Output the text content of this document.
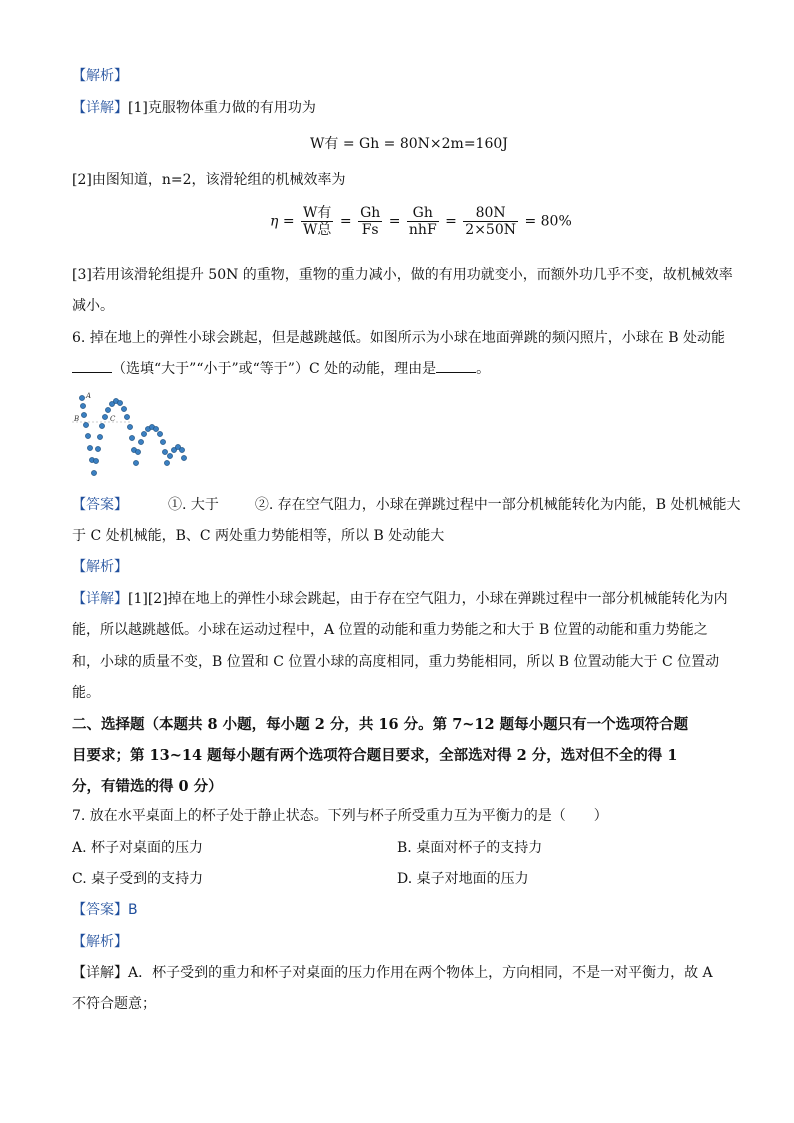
【解析】
【详解】[1]克服物体重力做的有用功为
W有 = Gh = 80N×2m=160J
[2]由图知道，n=2，该滑轮组的机械效率为
$\eta = \frac{\text{W有}}{\text{W总}} = \frac{Gh}{Fs} = \frac{Gh}{\text{nhF}} = \frac{80N}{2\times 50N} = 80\%$
[3]若用该滑轮组提升 50N 的重物，重物的重力减小，做的有用功就变小，而额外功几乎不变，故机械效率
减小。
6. 掉在地上的弹性小球会跳起，但是越跳越低。如图所示为小球在地面弹跳的频闪照片，小球在 B 处动能
（选填“大于”“小于”或“等于”）C 处的动能，理由是	。
A
B	C
【答案】	①. 大于	②. 存在空气阻力，小球在弹跳过程中一部分机械能转化为内能，B 处机械能大
于 C 处机械能，B、C 两处重力势能相等，所以 B 处动能大
【解析】
【详解】[1][2]掉在地上的弹性小球会跳起，由于存在空气阻力，小球在弹跳过程中一部分机械能转化为内
能，所以越跳越低。小球在运动过程中，A 位置的动能和重力势能之和大于 B 位置的动能和重力势能之
和，小球的质量不变，B 位置和 C 位置小球的高度相同，重力势能相同，所以 B 位置动能大于 C 位置动
能。
二、选择题（本题共 8 小题，每小题 2 分，共 16 分。第 7~12 题每小题只有一个选项符合题
目要求；第 13~14 题每小题有两个选项符合题目要求，全部选对得 2 分，选对但不全的得 1
分，有错选的得 0 分）
7. 放在水平桌面上的杯子处于静止状态。下列与杯子所受重力互为平衡力的是（　　）
A. 杯子对桌面的压力	B. 桌面对杯子的支持力
C. 桌子受到的支持力	D. 桌子对地面的压力
【答案】B
【解析】
【详解】A．杯子受到的重力和杯子对桌面的压力作用在两个物体上，方向相同，不是一对平衡力，故 A
不符合题意；
